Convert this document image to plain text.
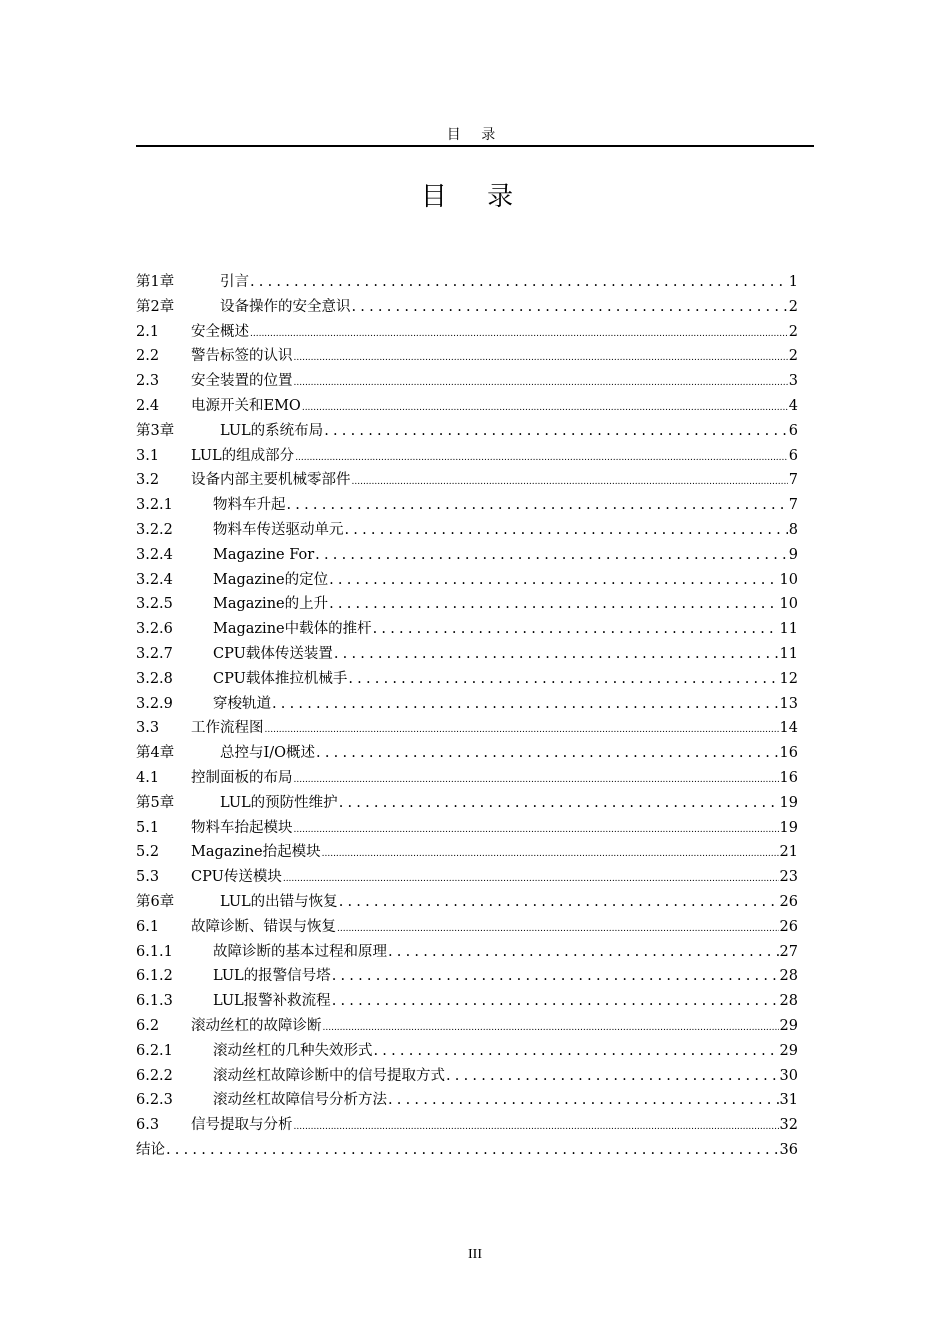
目 录
目 录
第1章	引言 .....	1
第2章	设备操作的安全意识 .....	2
2.1	安全概述 .....	2
2.2	警告标签的认识 .....	2
2.3	安全装置的位置 .....	3
2.4	电源开关和EMO .....	4
第3章	LUL的系统布局 .....	6
3.1	LUL的组成部分 .....	6
3.2	设备内部主要机械零部件 .....	7
3.2.1	物料车升起 .....	7
3.2.2	物料车传送驱动单元 .....	8
3.2.4	Magazine For .....	9
3.2.4	Magazine的定位 .....	10
3.2.5	Magazine的上升 .....	10
3.2.6	Magazine中载体的推杆 .....	11
3.2.7	CPU载体传送装置 .....	11
3.2.8	CPU载体推拉机械手 .....	12
3.2.9	穿梭轨道 .....	13
3.3	工作流程图 .....	14
第4章	总控与I/O概述 .....	16
4.1	控制面板的布局 .....	16
第5章	LUL的预防性维护 .....	19
5.1	物料车抬起模块 .....	19
5.2	Magazine抬起模块 .....	21
5.3	CPU传送模块 .....	23
第6章	LUL的出错与恢复 .....	26
6.1	故障诊断、错误与恢复 .....	26
6.1.1	故障诊断的基本过程和原理 .....	27
6.1.2	LUL的报警信号塔 .....	28
6.1.3	LUL报警补救流程 .....	28
6.2	滚动丝杠的故障诊断 .....	29
6.2.1	滚动丝杠的几种失效形式 .....	29
6.2.2	滚动丝杠故障诊断中的信号提取方式 .....	30
6.2.3	滚动丝杠故障信号分析方法 .....	31
6.3	信号提取与分析 .....	32
结论 .....	36
III
